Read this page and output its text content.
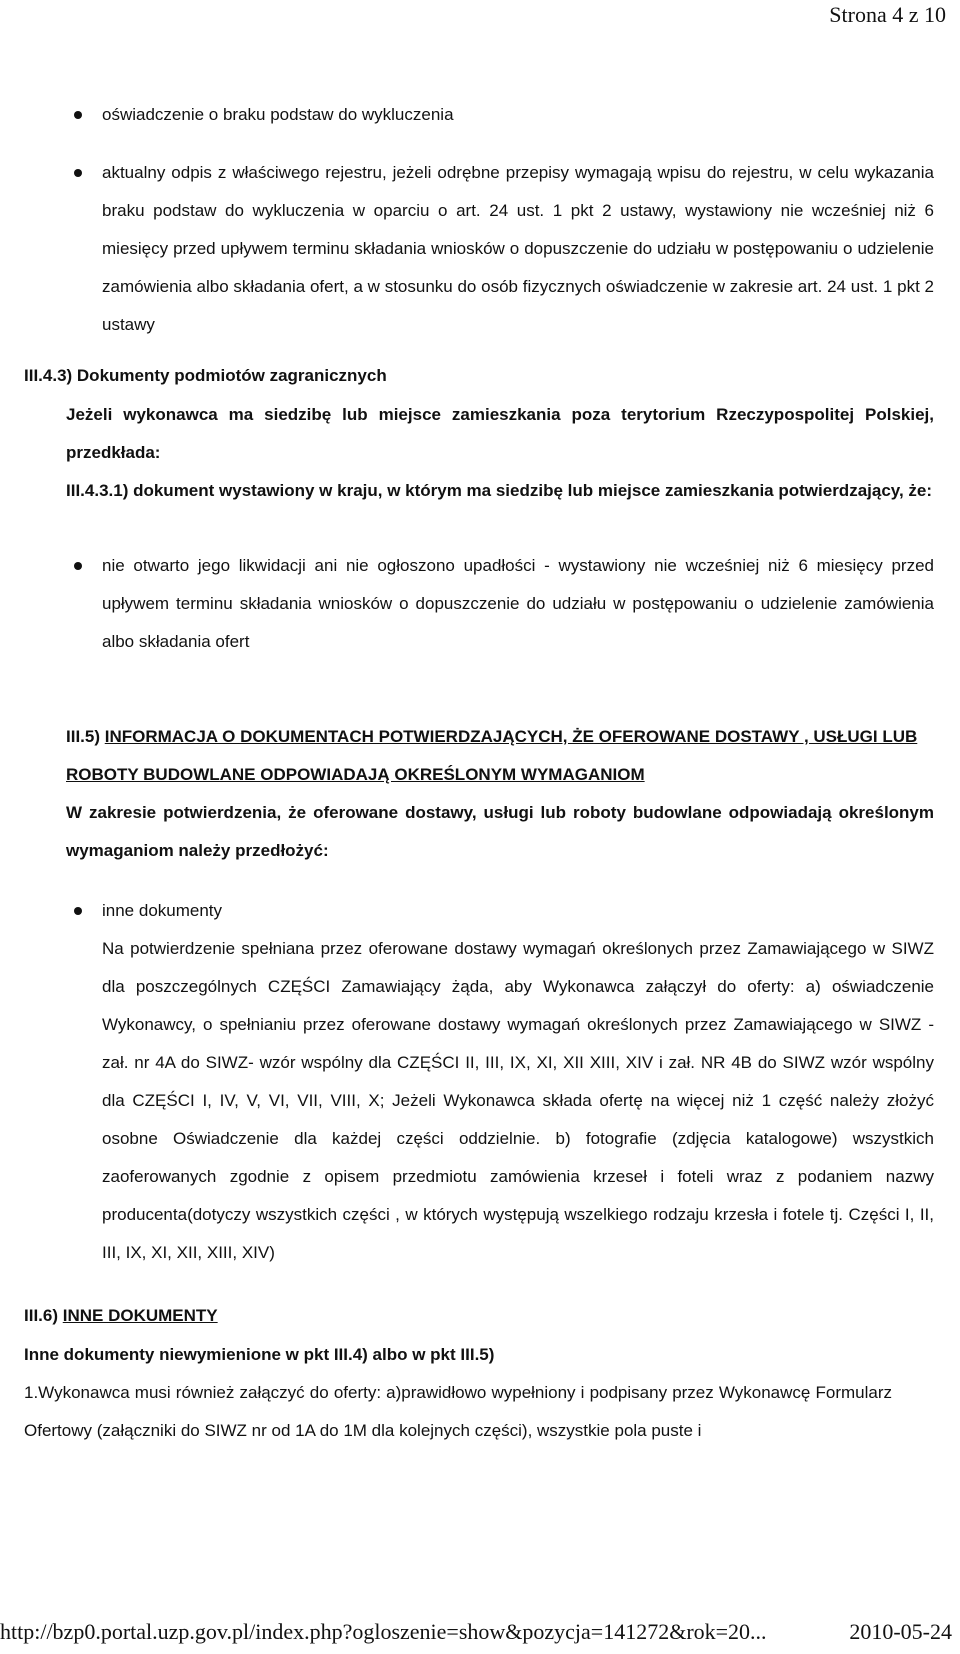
Strona 4 z 10
oświadczenie o braku podstaw do wykluczenia
aktualny odpis z właściwego rejestru, jeżeli odrębne przepisy wymagają wpisu do rejestru, w celu wykazania braku podstaw do wykluczenia w oparciu o art. 24 ust. 1 pkt 2 ustawy, wystawiony nie wcześniej niż 6 miesięcy przed upływem terminu składania wniosków o dopuszczenie do udziału w postępowaniu o udzielenie zamówienia albo składania ofert, a w stosunku do osób fizycznych oświadczenie w zakresie art. 24 ust. 1 pkt 2 ustawy
III.4.3) Dokumenty podmiotów zagranicznych
Jeżeli wykonawca ma siedzibę lub miejsce zamieszkania poza terytorium Rzeczypospolitej Polskiej, przedkłada:
III.4.3.1) dokument wystawiony w kraju, w którym ma siedzibę lub miejsce zamieszkania potwierdzający, że:
nie otwarto jego likwidacji ani nie ogłoszono upadłości - wystawiony nie wcześniej niż 6 miesięcy przed upływem terminu składania wniosków o dopuszczenie do udziału w postępowaniu o udzielenie zamówienia albo składania ofert
III.5) INFORMACJA O DOKUMENTACH POTWIERDZAJĄCYCH, ŻE OFEROWANE DOSTAWY , USŁUGI LUB ROBOTY BUDOWLANE ODPOWIADAJĄ OKREŚLONYM WYMAGANIOM
W zakresie potwierdzenia, że oferowane dostawy, usługi lub roboty budowlane odpowiadają określonym wymaganiom należy przedłożyć:
inne dokumenty
Na potwierdzenie spełniana przez oferowane dostawy wymagań określonych przez Zamawiającego w SIWZ dla poszczególnych CZĘŚCI Zamawiający żąda, aby Wykonawca załączył do oferty: a) oświadczenie Wykonawcy, o spełnianiu przez oferowane dostawy wymagań określonych przez Zamawiającego w SIWZ - zał. nr 4A do SIWZ- wzór wspólny dla CZĘŚCI II, III, IX, XI, XII XIII, XIV i zał. NR 4B do SIWZ wzór wspólny dla CZĘŚCI I, IV, V, VI, VII, VIII, X; Jeżeli Wykonawca składa ofertę na więcej niż 1 część należy złożyć osobne Oświadczenie dla każdej części oddzielnie. b) fotografie (zdjęcia katalogowe) wszystkich zaoferowanych zgodnie z opisem przedmiotu zamówienia krzeseł i foteli wraz z podaniem nazwy producenta(dotyczy wszystkich części , w których występują wszelkiego rodzaju krzesła i fotele tj. Części I, II, III, IX, XI, XII, XIII, XIV)
III.6) INNE DOKUMENTY
Inne dokumenty niewymienione w pkt III.4) albo w pkt III.5)
1.Wykonawca musi również załączyć do oferty: a)prawidłowo wypełniony i podpisany przez Wykonawcę Formularz Ofertowy (załączniki do SIWZ nr od 1A do 1M dla kolejnych części), wszystkie pola puste i
http://bzp0.portal.uzp.gov.pl/index.php?ogloszenie=show&pozycja=141272&rok=20...	2010-05-24
